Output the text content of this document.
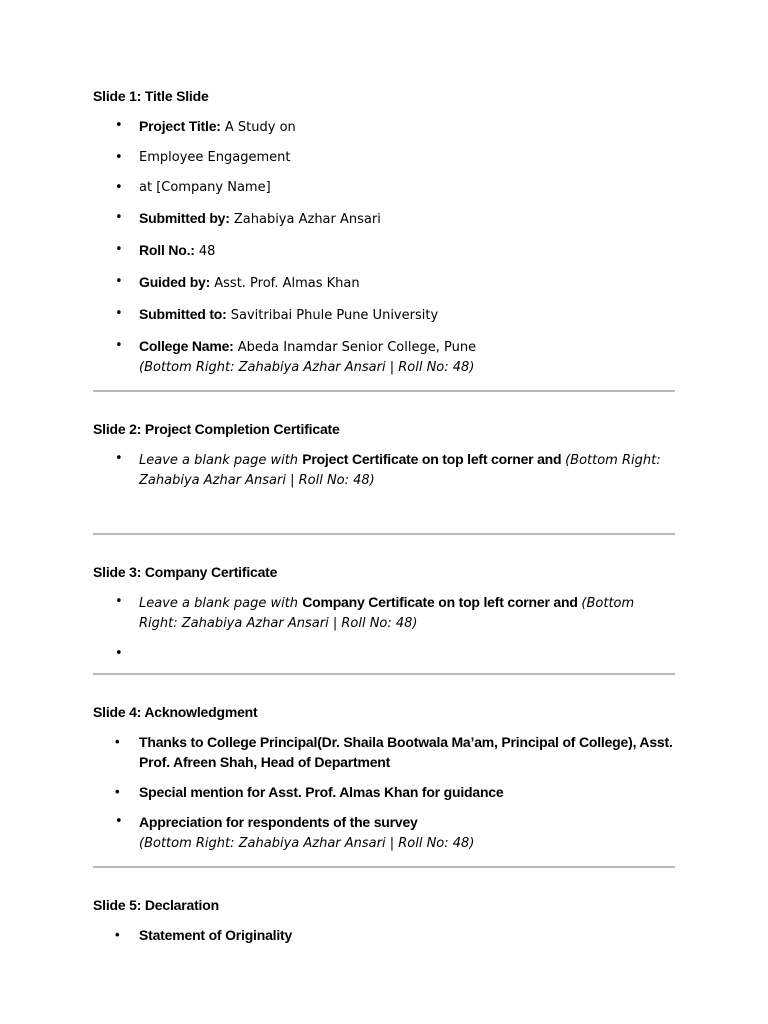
Slide 1: Title Slide
• Project Title: A Study on
• Employee Engagement
• at [Company Name]
• Submitted by: Zahabiya Azhar Ansari
• Roll No.: 48
• Guided by: Asst. Prof. Almas Khan
• Submitted to: Savitribai Phule Pune University
• College Name: Abeda Inamdar Senior College, Pune
(Bottom Right: Zahabiya Azhar Ansari | Roll No: 48)
Slide 2: Project Completion Certificate
• Leave a blank page with Project Certificate on top left corner and (Bottom Right: Zahabiya Azhar Ansari | Roll No: 48)
Slide 3: Company Certificate
• Leave a blank page with Company Certificate on top left corner and (Bottom Right: Zahabiya Azhar Ansari | Roll No: 48)
•
Slide 4: Acknowledgment
• Thanks to College Principal(Dr. Shaila Bootwala Ma’am, Principal of College), Asst. Prof. Afreen Shah, Head of Department
• Special mention for Asst. Prof. Almas Khan for guidance
• Appreciation for respondents of the survey
(Bottom Right: Zahabiya Azhar Ansari | Roll No: 48)
Slide 5: Declaration
• Statement of Originality
